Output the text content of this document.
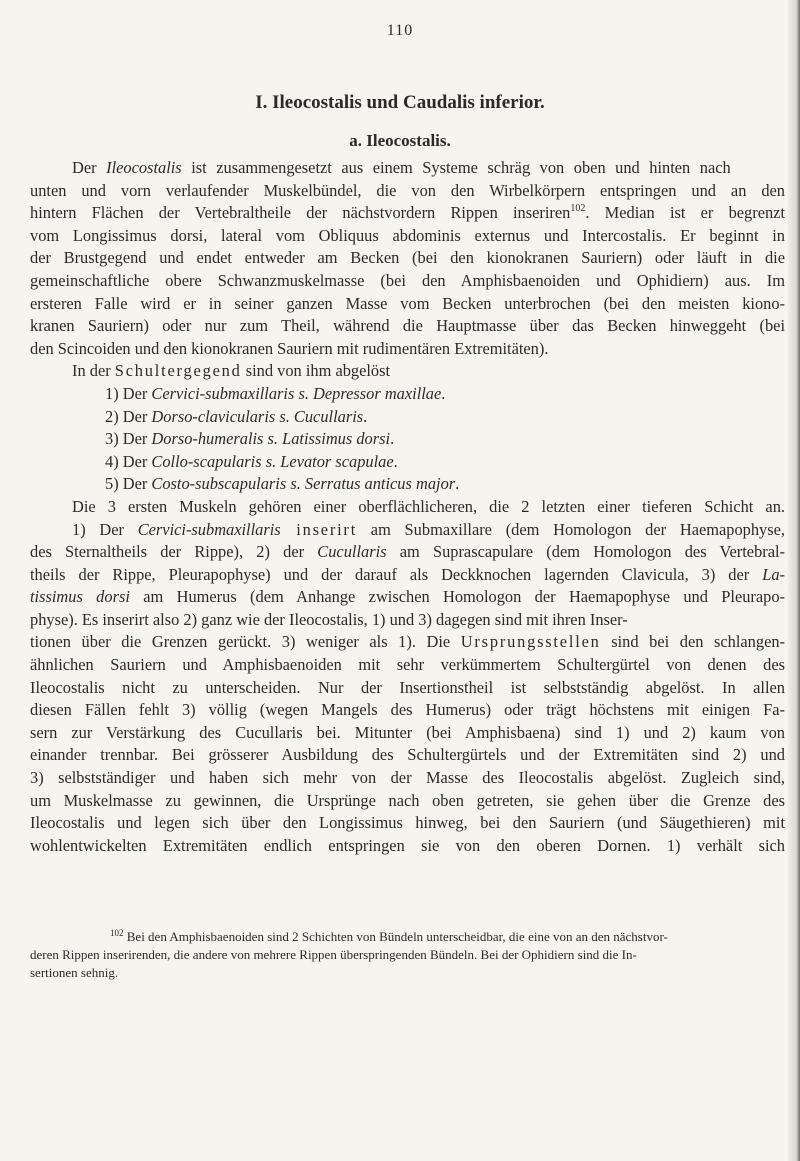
110
I. Ileocostalis und Caudalis inferior.
a. Ileocostalis.
Der Ileocostalis ist zusammengesetzt aus einem Systeme schräg von oben und hinten nach
unten und vorn verlaufender Muskelbündel, die von den Wirbelkörpern entspringen und an den
hintern Flächen der Vertebraltheile der nächstvordern Rippen inseriren$^{102}$. Median ist er begrenzt
vom Longissimus dorsi, lateral vom Obliquus abdominis externus und Intercostalis. Er beginnt in
der Brustgegend und endet entweder am Becken (bei den kionokranen Sauriern) oder läuft in die
gemeinschaftliche obere Schwanzmuskelmasse (bei den Amphisbaenoiden und Ophidiern) aus. Im
ersteren Falle wird er in seiner ganzen Masse vom Becken unterbrochen (bei den meisten kiono-
kranen Sauriern) oder nur zum Theil, während die Hauptmasse über das Becken hinweggeht (bei
den Scincoiden und den kionokranen Sauriern mit rudimentären Extremitäten).
In der Schultergegend sind von ihm abgelöst
1) Der Cervici-submaxillaris s. Depressor maxillae.
2) Der Dorso-clavicularis s. Cucullaris.
3) Der Dorso-humeralis s. Latissimus dorsi.
4) Der Collo-scapularis s. Levator scapulae.
5) Der Costo-subscapularis s. Serratus anticus major.
Die 3 ersten Muskeln gehören einer oberflächlicheren, die 2 letzten einer tieferen Schicht an.
1) Der Cervici-submaxillaris inserirt am Submaxillare (dem Homologon der Haemapophyse,
des Sternaltheils der Rippe), 2) der Cucullaris am Suprascapulare (dem Homologon des Vertebral-
theils der Rippe, Pleurapophyse) und der darauf als Deckknochen lagernden Clavicula, 3) der La-
tissimus dorsi am Humerus (dem Anhange zwischen Homologon der Haemapophyse und Pleurapo-
physe). Es inserirt also 2) ganz wie der Ileocostalis, 1) und 3) dagegen sind mit ihren Inser-
tionen über die Grenzen gerückt. 3) weniger als 1). Die Ursprungsstellen sind bei den schlangen-
ähnlichen Sauriern und Amphisbaenoiden mit sehr verkümmertem Schultergürtel von denen des
Ileocostalis nicht zu unterscheiden. Nur der Insertionstheil ist selbstständig abgelöst. In allen
diesen Fällen fehlt 3) völlig (wegen Mangels des Humerus) oder trägt höchstens mit einigen Fa-
sern zur Verstärkung des Cucullaris bei. Mitunter (bei Amphisbaena) sind 1) und 2) kaum von
einander trennbar. Bei grösserer Ausbildung des Schultergürtels und der Extremitäten sind 2) und
3) selbstständiger und haben sich mehr von der Masse des Ileocostalis abgelöst. Zugleich sind,
um Muskelmasse zu gewinnen, die Ursprünge nach oben getreten, sie gehen über die Grenze des
Ileocostalis und legen sich über den Longissimus hinweg, bei den Sauriern (und Säugethieren) mit
wohlentwickelten Extremitäten endlich entspringen sie von den oberen Dornen. 1) verhält sich
$^{102}$ Bei den Amphisbaenoiden sind 2 Schichten von Bündeln unterscheidbar, die eine von an den nächstvor-
deren Rippen inserirenden, die andere von mehrere Rippen überspringenden Bündeln. Bei der Ophidiern sind die In-
sertionen sehnig.
